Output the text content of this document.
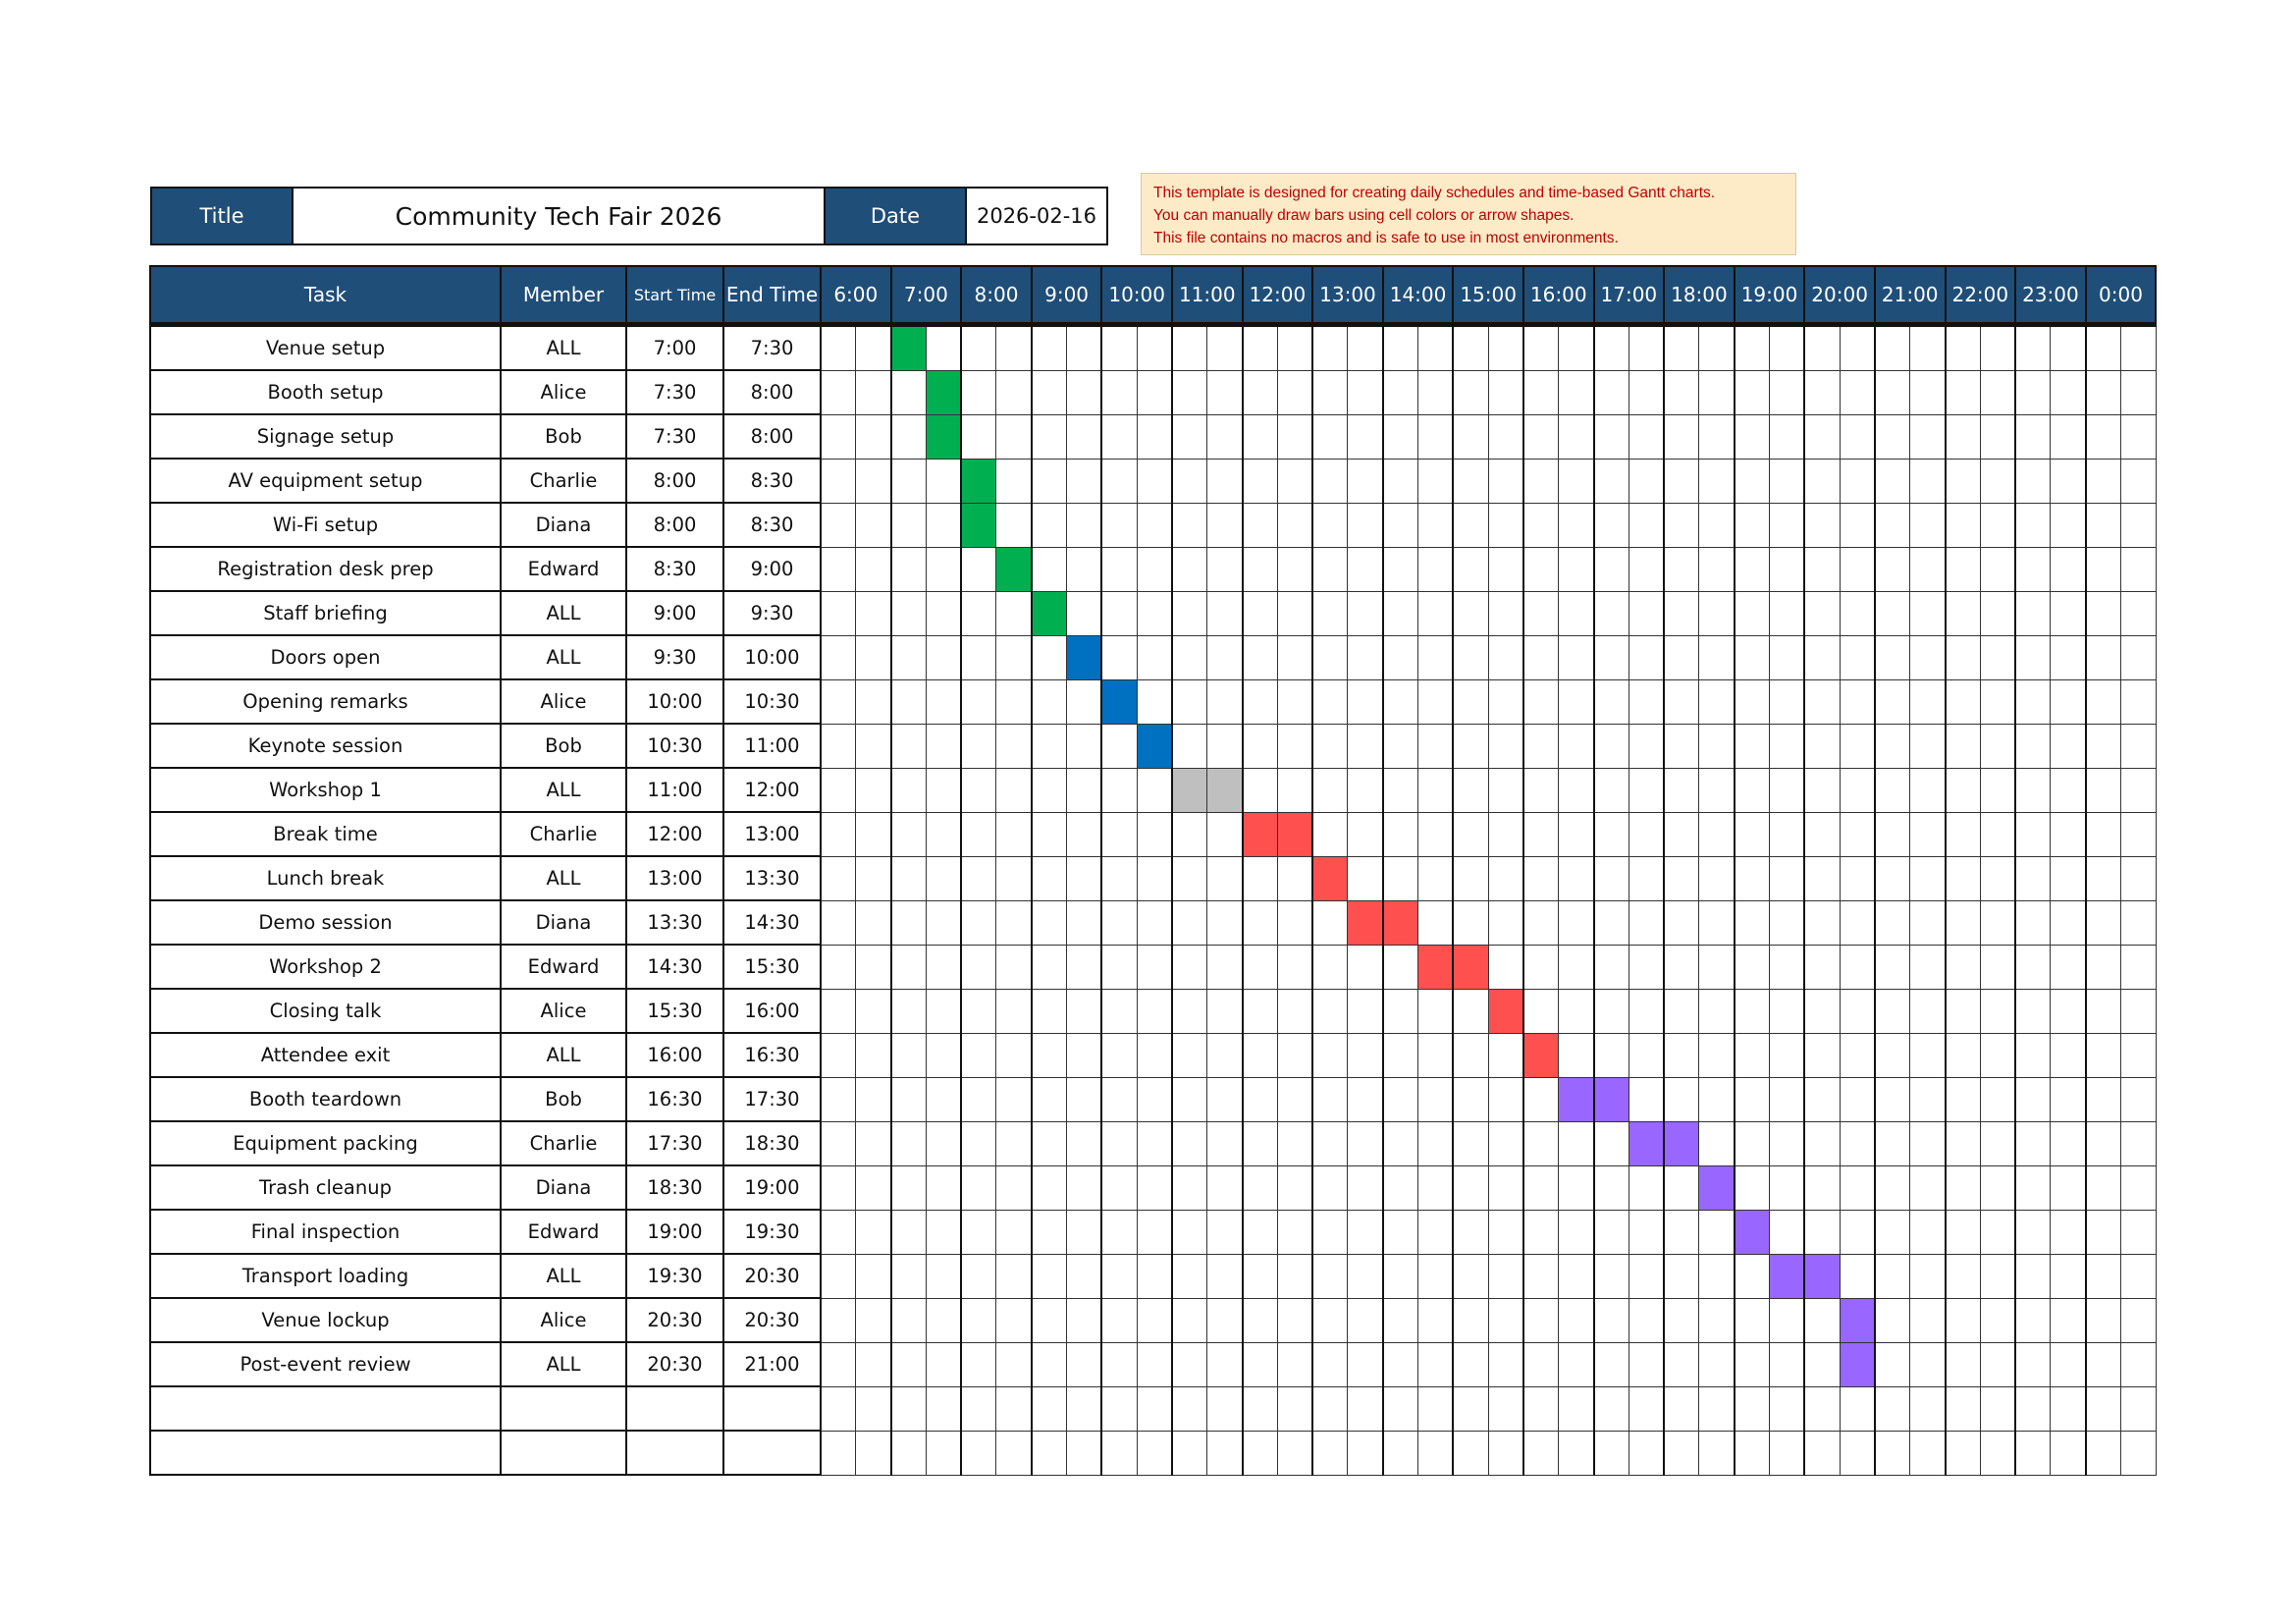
Title	Community Tech Fair 2026	Date	2026-02-16
This template is designed for creating daily schedules and time-based Gantt charts.
You can manually draw bars using cell colors or arrow shapes.
This file contains no macros and is safe to use in most environments.
Task	Member	Start Time	End Time	6:00		7:00		8:00		9:00		10:00		11:00		12:00		13:00		14:00		15:00		16:00		17:00		18:00		19:00		20:00		21:00		22:00		23:00		0:00	
Venue setup	ALL	7:00	7:30																																						
Booth setup	Alice	7:30	8:00																																						
Signage setup	Bob	7:30	8:00																																						
AV equipment setup	Charlie	8:00	8:30																																						
Wi-Fi setup	Diana	8:00	8:30																																						
Registration desk prep	Edward	8:30	9:00																																						
Staff briefing	ALL	9:00	9:30																																						
Doors open	ALL	9:30	10:00																																						
Opening remarks	Alice	10:00	10:30																																						
Keynote session	Bob	10:30	11:00																																						
Workshop 1	ALL	11:00	12:00																																						
Break time	Charlie	12:00	13:00																																						
Lunch break	ALL	13:00	13:30																																						
Demo session	Diana	13:30	14:30																																						
Workshop 2	Edward	14:30	15:30																																						
Closing talk	Alice	15:30	16:00																																						
Attendee exit	ALL	16:00	16:30																																						
Booth teardown	Bob	16:30	17:30																																						
Equipment packing	Charlie	17:30	18:30																																						
Trash cleanup	Diana	18:30	19:00																																						
Final inspection	Edward	19:00	19:30																																						
Transport loading	ALL	19:30	20:30																																						
Venue lockup	Alice	20:30	20:30																																						
Post-event review	ALL	20:30	21:00																																						
